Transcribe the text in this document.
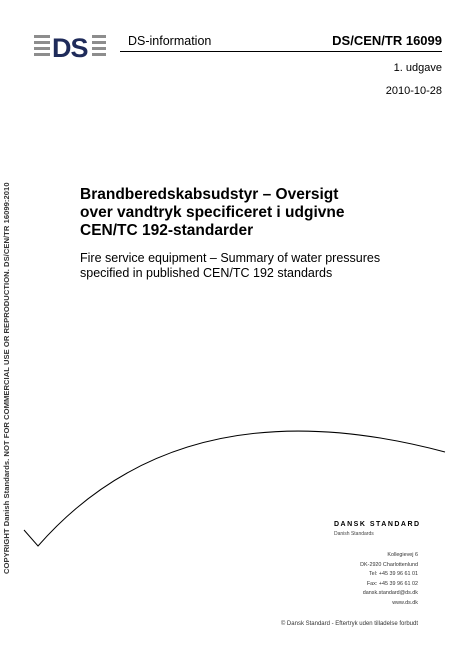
DS	DS-information	DS/CEN/TR 16099
1. udgave
2010-10-28
COPYRIGHT Danish Standards. NOT FOR COMMERCIAL USE OR REPRODUCTION. DS/CEN/TR 16099:2010	Brandberedskabsudstyr – Oversigt
over vandtryk specificeret i udgivne
CEN/TC 192-standarder
Fire service equipment – Summary of water pressures
specified in published CEN/TC 192 standards
DANSK STANDARD
Danish Standards
Kollegievej 6
DK-2920 Charlottenlund
Tel: +45 39 96 61 01
Fax: +45 39 96 61 02
dansk.standard@ds.dk
www.ds.dk
© Dansk Standard - Eftertryk uden tilladelse forbudt
